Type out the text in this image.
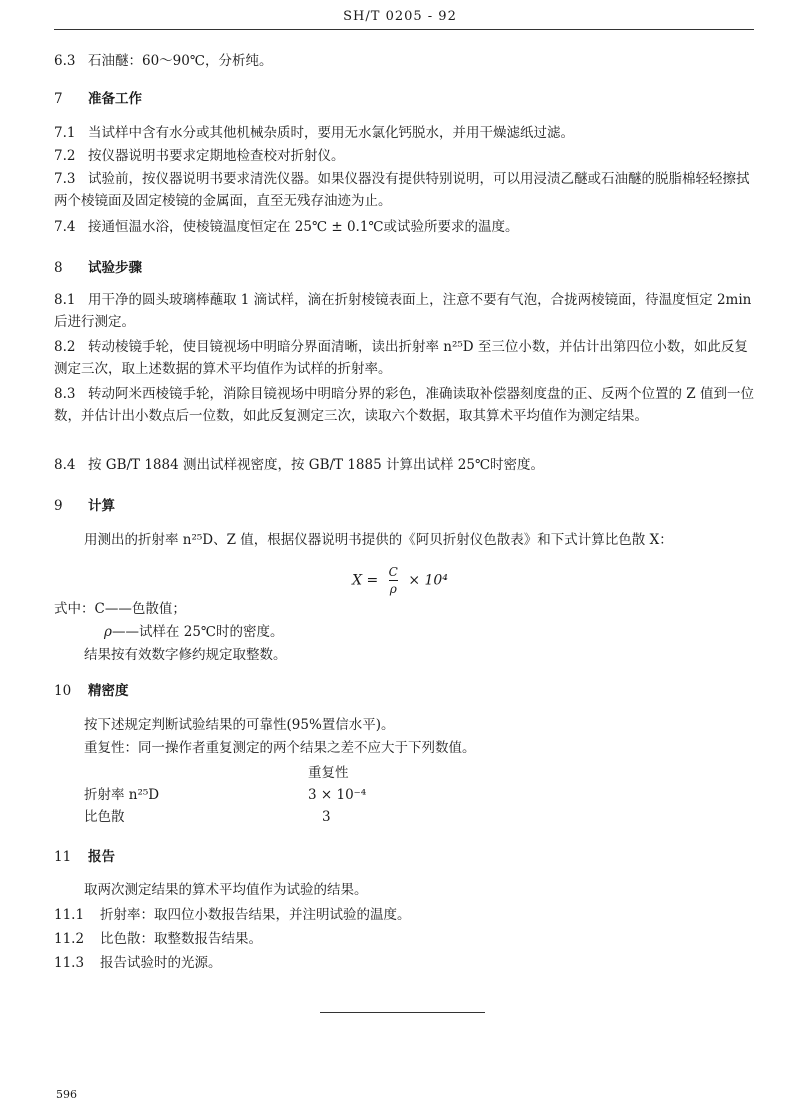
SH/T 0205 - 92
6.3 石油醚：60～90℃，分析纯。
7 准备工作
7.1 当试样中含有水分或其他机械杂质时，要用无水氯化钙脱水，并用干燥滤纸过滤。
7.2 按仪器说明书要求定期地检查校对折射仪。
7.3 试验前，按仪器说明书要求清洗仪器。如果仪器没有提供特别说明，可以用浸渍乙醚或石油醚的脱脂棉轻轻擦拭两个棱镜面及固定棱镜的金属面，直至无残存油迹为止。
7.4 接通恒温水浴，使棱镜温度恒定在 25℃ ± 0.1℃或试验所要求的温度。
8 试验步骤
8.1 用干净的圆头玻璃棒蘸取 1 滴试样，滴在折射棱镜表面上，注意不要有气泡，合拢两棱镜面，待温度恒定 2min 后进行测定。
8.2 转动棱镜手轮，使目镜视场中明暗分界面清晰，读出折射率 n²⁵D 至三位小数，并估计出第四位小数，如此反复测定三次，取上述数据的算术平均值作为试样的折射率。
8.3 转动阿米西棱镜手轮，消除目镜视场中明暗分界的彩色，准确读取补偿器刻度盘的正、反两个位置的 Z 值到一位数，并估计出小数点后一位数，如此反复测定三次，读取六个数据，取其算术平均值作为测定结果。
8.4 按 GB/T 1884 测出试样视密度，按 GB/T 1885 计算出试样 25℃时密度。
9 计算
用测出的折射率 n²⁵D、Z 值，根据仪器说明书提供的《阿贝折射仪色散表》和下式计算比色散 X：
$X = \frac{C}{\rho} \times 10^4$
式中：C——色散值；
ρ——试样在 25℃时的密度。
结果按有效数字修约规定取整数。
10 精密度
按下述规定判断试验结果的可靠性(95%置信水平)。
重复性：同一操作者重复测定的两个结果之差不应大于下列数值。
重复性
折射率 n²⁵D	3 × 10⁻⁴
比色散	3
11 报告
取两次测定结果的算术平均值作为试验的结果。
11.1 折射率：取四位小数报告结果，并注明试验的温度。
11.2 比色散：取整数报告结果。
11.3 报告试验时的光源。
596
